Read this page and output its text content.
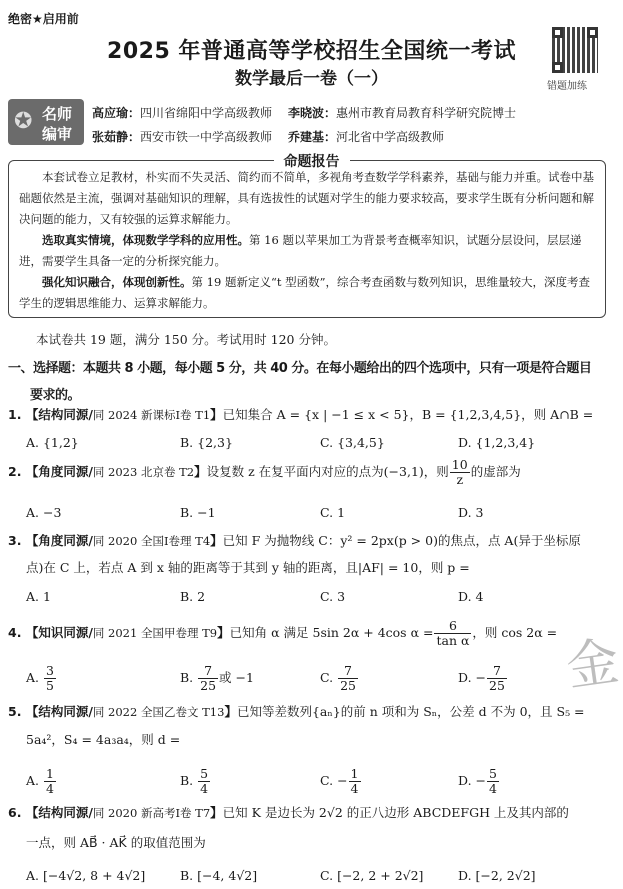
绝密★启用前
2025 年普通高等学校招生全国统一考试
数学最后一卷（一）	错题加练
✪ 名师
编审
高应瑜：四川省绵阳中学高级教师 李晓波：惠州市教育局教育科学研究院博士
张茹静：西安市铁一中学高级教师 乔建基：河北省中学高级教师

本套试卷立足教材，朴实而不失灵活、简约而不简单，多视角考查数学学科素养，基础与能力并重。试卷中基础题依然是主流，强调对基础知识的理解，具有选拔性的试题对学生的能力要求较高，要求学生既有分析问题和解决问题的能力，又有较强的运算求解能力。

选取真实情境，体现数学学科的应用性。第 16 题以苹果加工为背景考查概率知识，试题分层设问，层层递进，需要学生具备一定的分析探究能力。

强化知识融合，体现创新性。第 19 题新定义“t 型函数”，综合考查函数与数列知识，思维量较大，深度考查学生的逻辑思维能力、运算求解能力。

命题报告
本试卷共 19 题，满分 150 分。考试用时 120 分钟。
一、选择题：本题共 8 小题，每小题 5 分，共 40 分。在每小题给出的四个选项中，只有一项是符合题目
要求的。
金
1. 【结构同源/同 2024 新课标Ⅰ卷 T1】已知集合 A = {x | −1 ≤ x < 5}，B = {1,2,3,4,5}，则 A∩B =
A. {1,2}	B. {2,3}	C. {3,4,5}	D. {1,2,3,4}
2. 【角度同源/同 2023 北京卷 T2】设复数 z 在复平面内对应的点为(−3,1)，则 $\frac{10}{z}$ 的虚部为
A. −3	B. −1	C. 1	D. 3
3. 【角度同源/同 2020 全国Ⅰ卷理 T4】已知 F 为抛物线 C：y² = 2px(p > 0)的焦点，点 A(异于坐标原
点)在 C 上，若点 A 到 x 轴的距离等于其到 y 轴的距离，且|AF| = 10，则 p =
A. 1	B. 2	C. 3	D. 4
4. 【知识同源/同 2021 全国甲卷理 T9】已知角 α 满足 5sin 2α + 4cos $\alpha = \frac{6}{\text{tan α}}$ ，则 cos 2α =
A. $\frac{3}{5}$	B. $\frac{7}{25}$ 或 −1	C. $\frac{7}{25}$	D. − $\frac{7}{25}$
5. 【结构同源/同 2022 全国乙卷文 T13】已知等差数列{aₙ}的前 n 项和为 Sₙ，公差 d 不为 0，且 S₅ =
5a₄²，S₄ = 4a₃a₄，则 d =
A. $\frac{1}{4}$	B. $\frac{5}{4}$	C. − $\frac{1}{4}$	D. − $\frac{5}{4}$
6. 【结构同源/同 2020 新高考Ⅰ卷 T7】已知 K 是边长为 2√2 的正八边形 ABCDEFGH 上及其内部的
一点，则 AB⃗ · AK⃗ 的取值范围为
A. [−4√2, 8 + 4√2]	B. [−4, 4√2]	C. [−2, 2 + 2√2]	D. [−2, 2√2]
